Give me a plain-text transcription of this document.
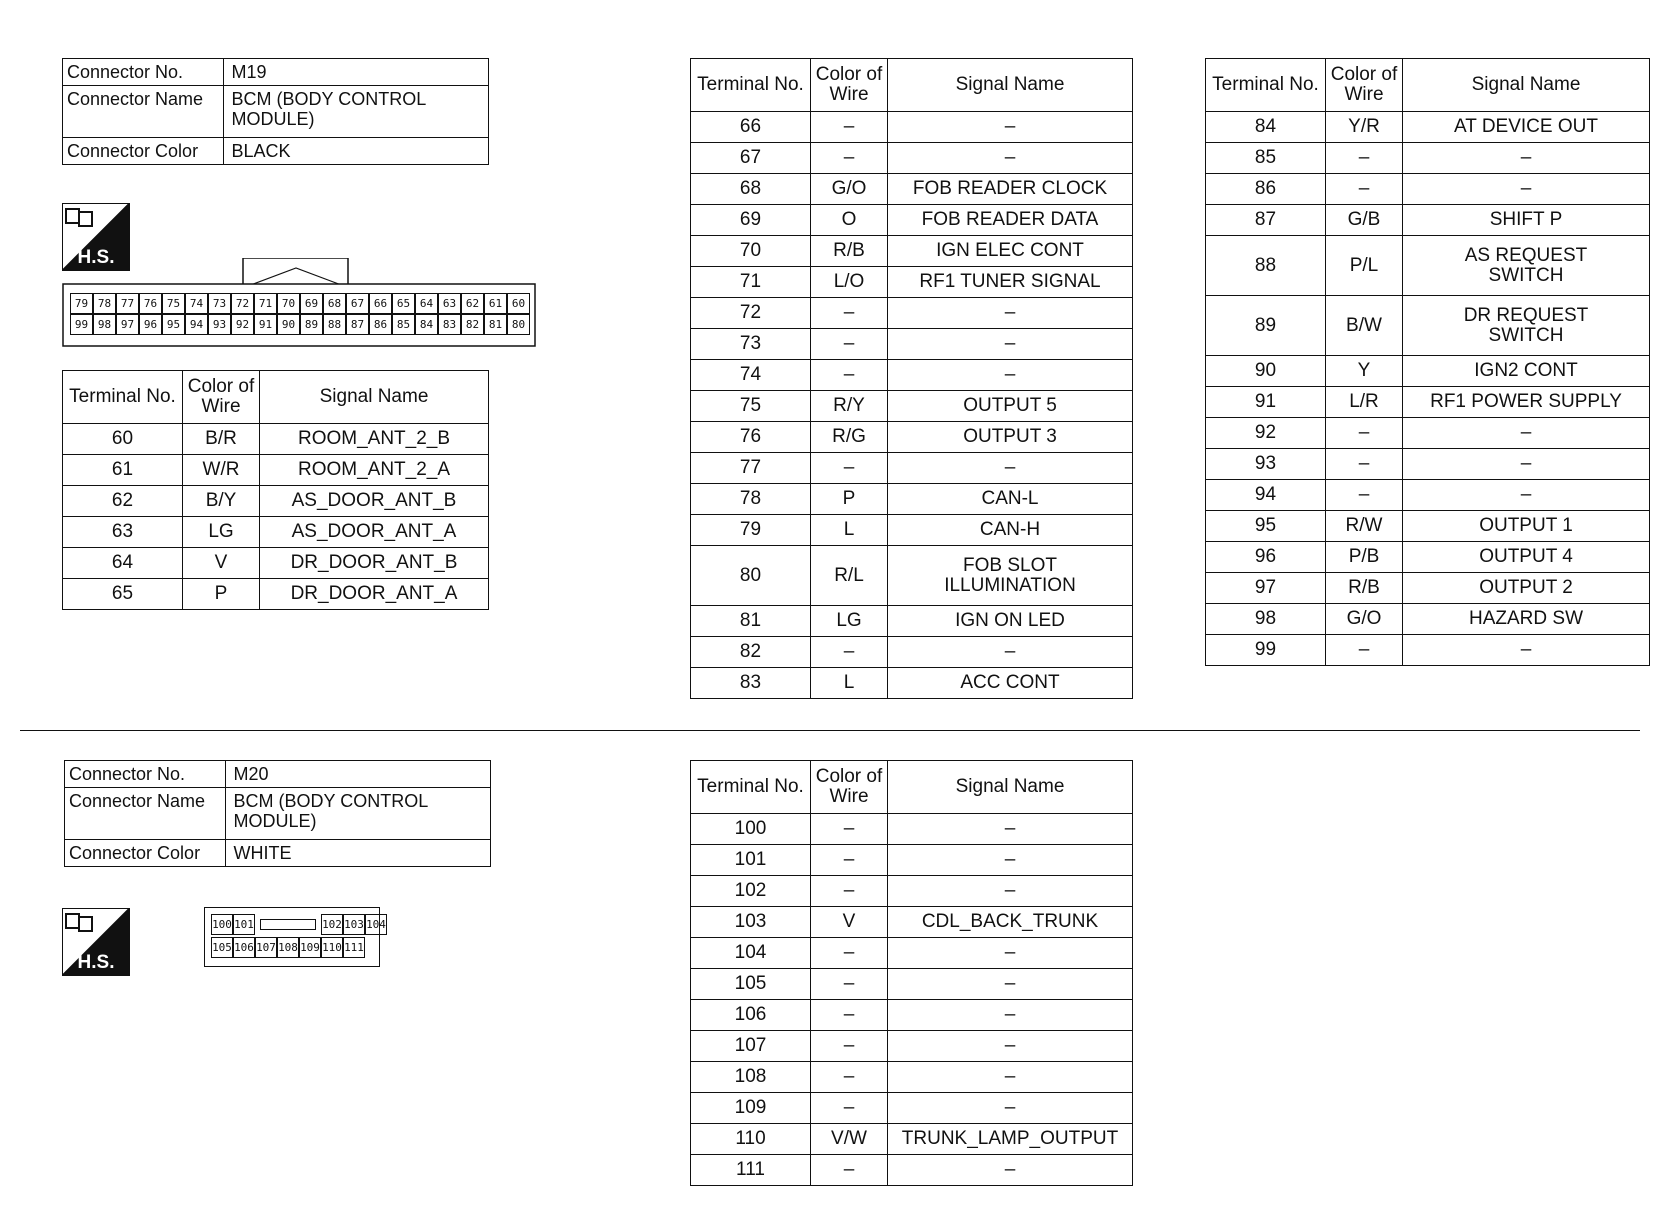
Connector No.	M19
Connector Name	BCM (BODY CONTROL MODULE)

Connector Color	BLACK
H.S.
79 78 77 76 75 74 73 72 71 70 69 68 67 66 65 64 63 62 61 60
99 98 97 96 95 94 93 92 91 90 89 88 87 86 85 84 83 82 81 80
Terminal No.	Color of Wire	Signal Name
60	B/R	ROOM_ANT_2_B

61	W/R	ROOM_ANT_2_A

62	B/Y	AS_DOOR_ANT_B

63	LG	AS_DOOR_ANT_A

64	V	DR_DOOR_ANT_B

65	P	DR_DOOR_ANT_A
Terminal No.	Color of Wire	Signal Name
66	–	–

67	–	–

68	G/O	FOB READER CLOCK

69	O	FOB READER DATA

70	R/B	IGN ELEC CONT

71	L/O	RF1 TUNER SIGNAL

72	–	–

73	–	–

74	–	–

75	R/Y	OUTPUT 5

76	R/G	OUTPUT 3

77	–	–

78	P	CAN-L

79	L	CAN-H

80	R/L	FOB SLOT ILLUMINATION

81	LG	IGN ON LED

82	–	–

83	L	ACC CONT
Terminal No.	Color of Wire	Signal Name
84	Y/R	AT DEVICE OUT

85	–	–

86	–	–

87	G/B	SHIFT P

88	P/L	AS REQUEST SWITCH

89	B/W	DR REQUEST SWITCH

90	Y	IGN2 CONT

91	L/R	RF1 POWER SUPPLY

92	–	–

93	–	–

94	–	–

95	R/W	OUTPUT 1

96	P/B	OUTPUT 4

97	R/B	OUTPUT 2

98	G/O	HAZARD SW

99	–	–
Connector No.	M20
Connector Name	BCM (BODY CONTROL MODULE)

Connector Color	WHITE
H.S.
100 101	102 103 104
105 106 107 108 109 110 111
Terminal No.	Color of Wire	Signal Name
100	–	–

101	–	–

102	–	–

103	V	CDL_BACK_TRUNK

104	–	–

105	–	–

106	–	–

107	–	–

108	–	–

109	–	–

110	V/W	TRUNK_LAMP_OUTPUT

111	–	–
